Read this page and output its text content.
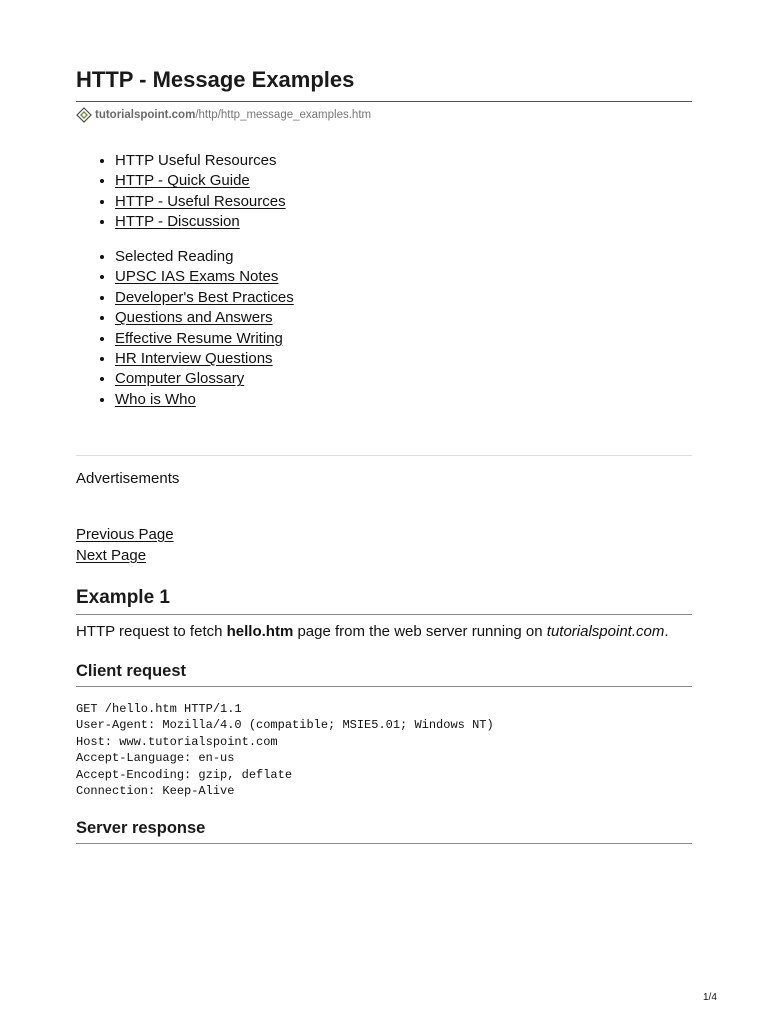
HTTP - Message Examples
tutorialspoint.com /http/http_message_examples.htm
• HTTP Useful Resources
• HTTP - Quick Guide
• HTTP - Useful Resources
• HTTP - Discussion
• Selected Reading
• UPSC IAS Exams Notes
• Developer's Best Practices
• Questions and Answers
• Effective Resume Writing
• HR Interview Questions
• Computer Glossary
• Who is Who
Advertisements
Previous Page
Next Page
Example 1

HTTP request to fetch hello.htm page from the web server running on tutorialspoint.com.

Client request
GET /hello.htm HTTP/1.1
User-Agent: Mozilla/4.0 (compatible; MSIE5.01; Windows NT)
Host: www.tutorialspoint.com
Accept-Language: en-us
Accept-Encoding: gzip, deflate
Connection: Keep-Alive
Server response
1/4
